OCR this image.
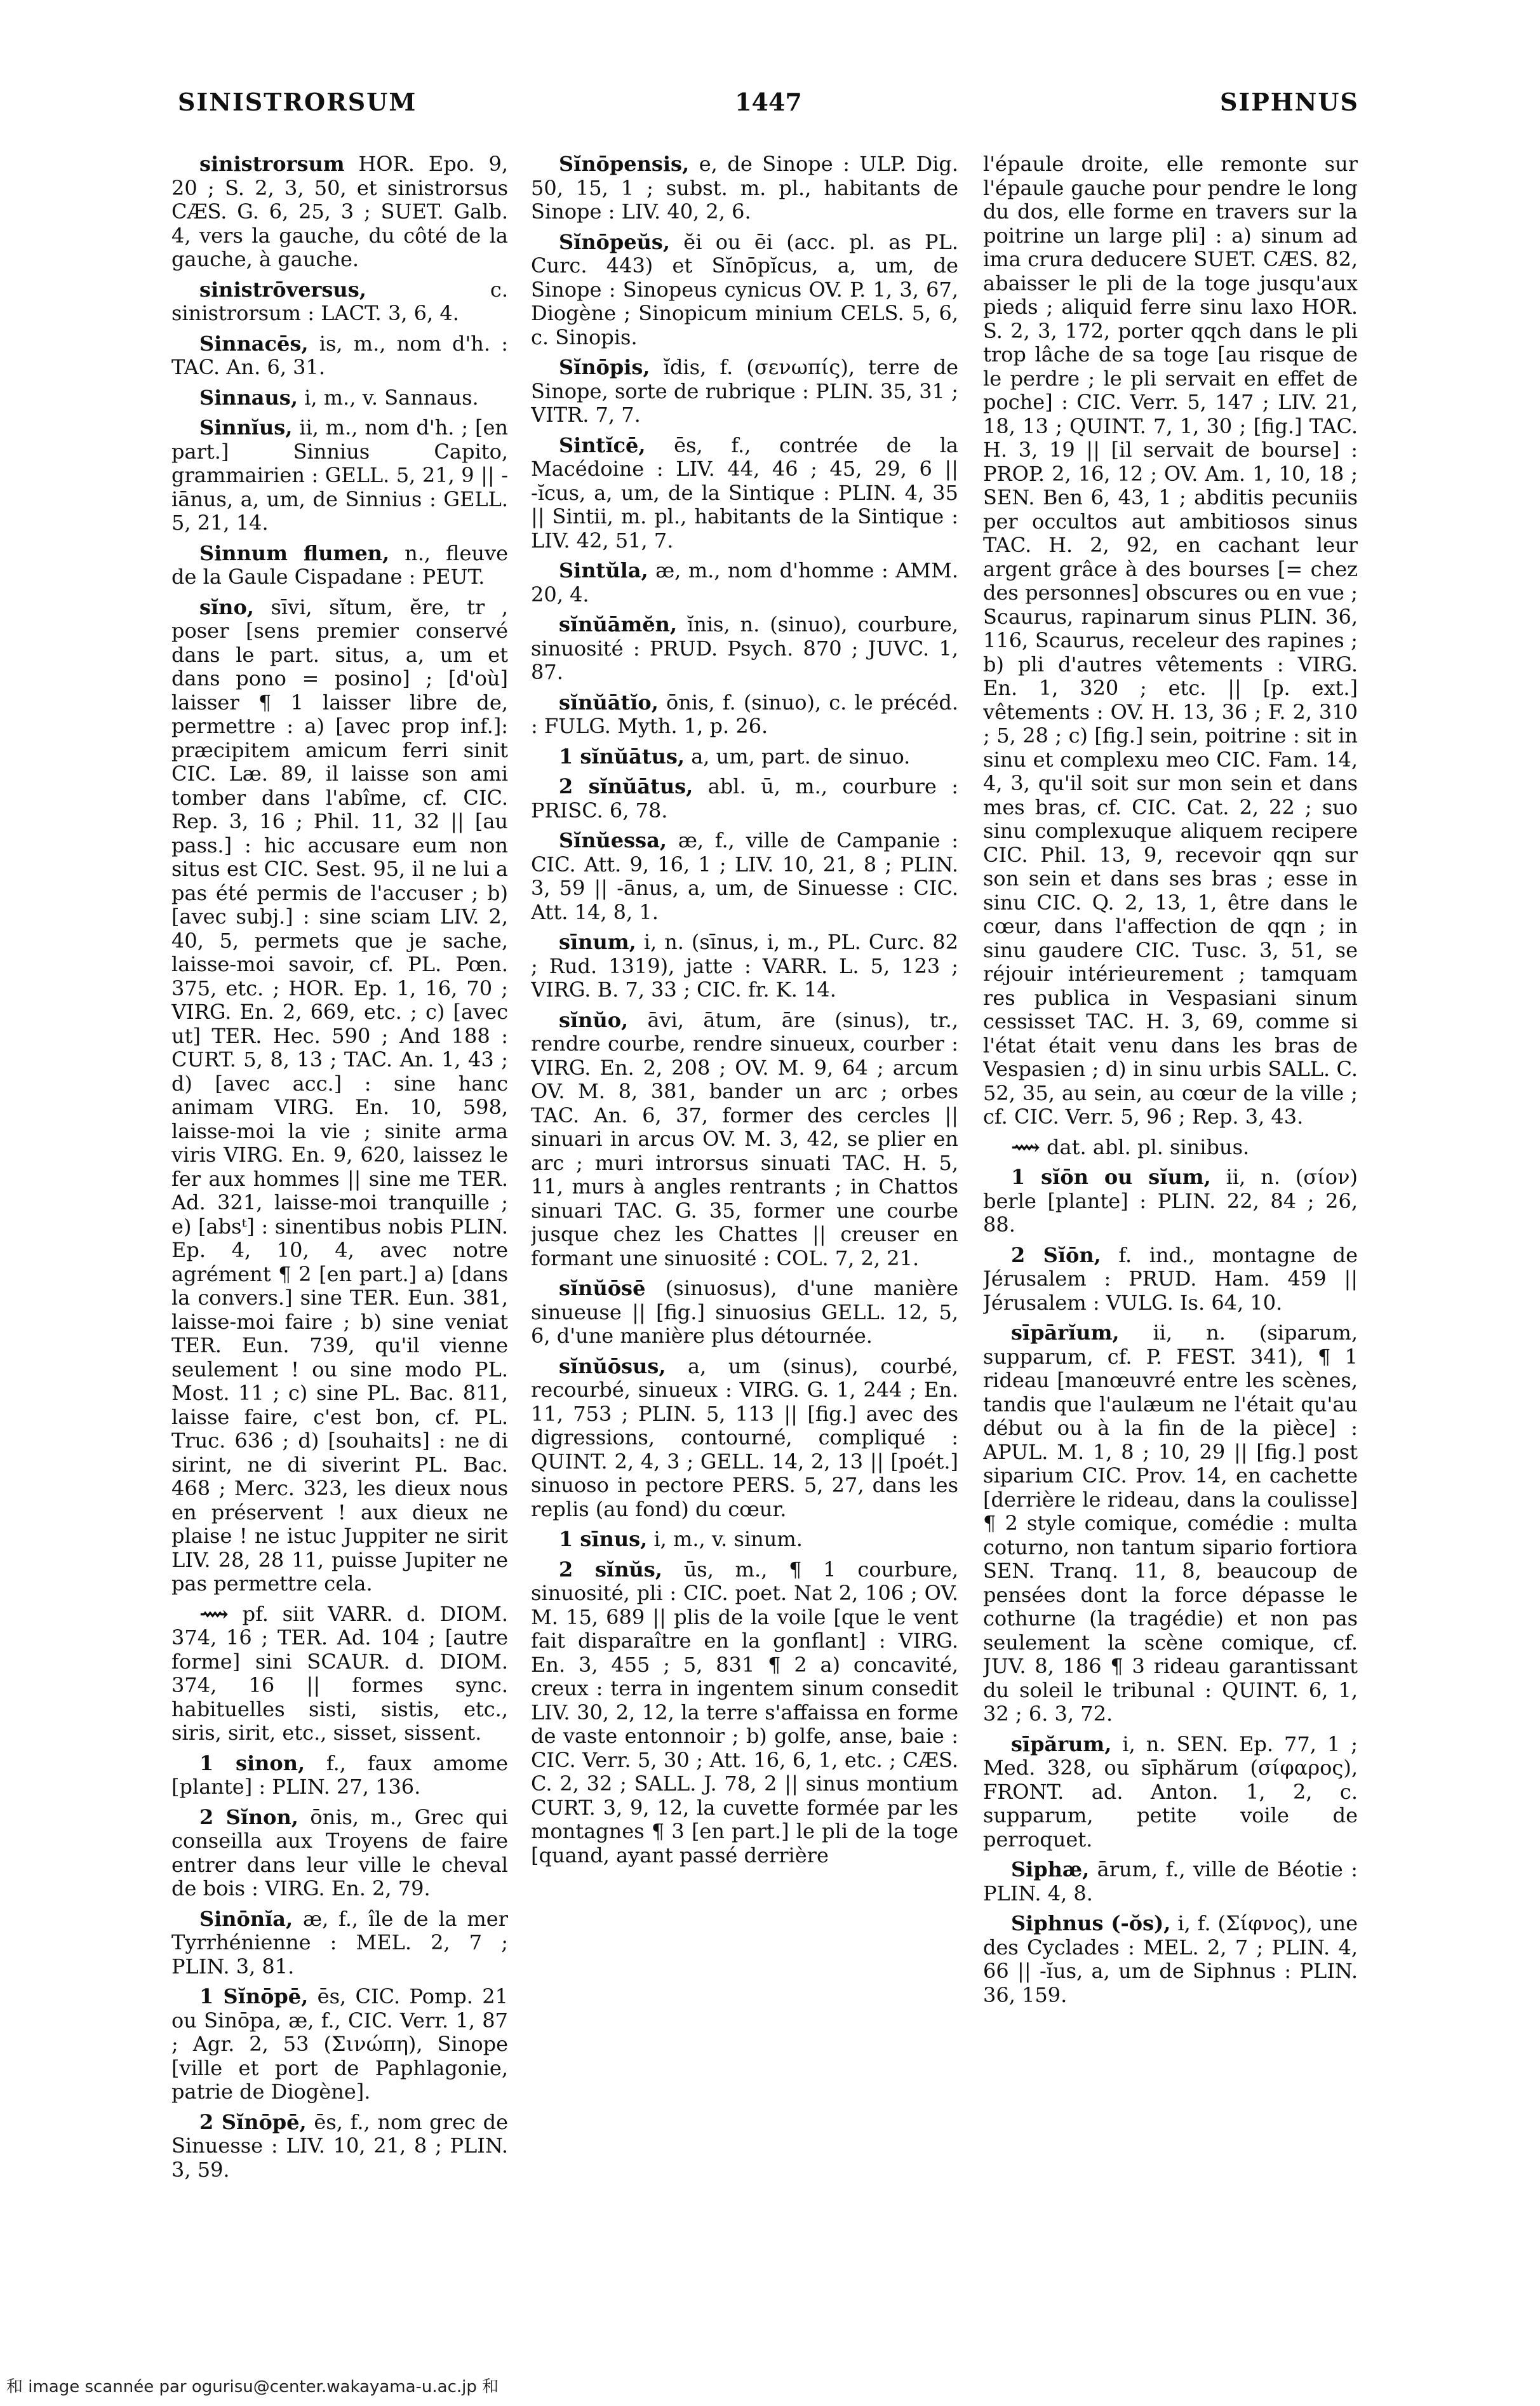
SINISTRORSUM	1447	SIPHNUS

sinistrorsum HOR. Epo. 9, 20 ; S. 2, 3, 50, et sinistrorsus CÆS. G. 6, 25, 3 ; SUET. Galb. 4, vers la gauche, du côté de la gauche, à gauche.

sinistrōversus,	c. sinistrorsum : LACT. 3, 6, 4.

Sinnacēs, is, m., nom d'h. : TAC. An. 6, 31.

Sinnaus, i, m., v. Sannaus.

Sinnĭus, ii, m., nom d'h. ; [en part.] Sinnius Capito, grammairien : GELL. 5, 21, 9 || -iānus, a, um, de Sinnius : GELL. 5, 21, 14.

Sinnum flumen, n., fleuve de la Gaule Cispadane : PEUT.

sĭno, sīvi, sĭtum, ĕre, tr , poser [sens premier conservé dans le part. situs, a, um et dans pono = posino] ; [d'où] laisser ¶ 1 laisser libre de, permettre : a) [avec prop inf.]: præcipitem amicum ferri sinit CIC. Læ. 89, il laisse son ami tomber dans l'abîme, cf. CIC. Rep. 3, 16 ; Phil. 11, 32 || [au pass.] : hic accusare eum non situs est CIC. Sest. 95, il ne lui a pas été permis de l'accuser ; b) [avec subj.] : sine sciam LIV. 2, 40, 5, permets que je sache, laisse-moi savoir, cf. PL. Pœn. 375, etc. ; HOR. Ep. 1, 16, 70 ; VIRG. En. 2, 669, etc. ; c) [avec ut] TER. Hec. 590 ; And 188 : CURT. 5, 8, 13 ; TAC. An. 1, 43 ; d) [avec acc.] : sine hanc animam VIRG. En. 10, 598, laisse-moi la vie ; sinite arma viris VIRG. En. 9, 620, laissez le fer aux hommes || sine me TER. Ad. 321, laisse-moi tranquille ; e) [absᵗ] : sinentibus nobis PLIN. Ep. 4, 10, 4, avec notre agrément ¶ 2 [en part.] a) [dans la convers.] sine TER. Eun. 381, laisse-moi faire ; b) sine veniat TER. Eun. 739, qu'il vienne seulement ! ou sine modo PL. Most. 11 ; c) sine PL. Bac. 811, laisse faire, c'est bon, cf. PL. Truc. 636 ; d) [souhaits] : ne di sirint, ne di siverint PL. Bac. 468 ; Merc. 323, les dieux nous en préservent ! aux dieux ne plaise ! ne istuc Juppiter ne sirit LIV. 28, 28 11, puisse Jupiter ne pas permettre cela.

⟿ pf. siit VARR. d. DIOM. 374, 16 ; TER. Ad. 104 ; [autre forme] sini SCAUR. d. DIOM. 374, 16 || formes sync. habituelles sisti, sistis, etc., siris, sirit, etc., sisset, sissent.

1 sinon, f., faux amome [plante] : PLIN. 27, 136.

2 Sĭnon, ōnis, m., Grec qui conseilla aux Troyens de faire entrer dans leur ville le cheval de bois : VIRG. En. 2, 79.

Sinōnĭa, æ, f., île de la mer Tyrrhénienne : MEL. 2, 7 ; PLIN. 3, 81.

1 Sĭnōpē, ēs, CIC. Pomp. 21 ou Sinōpa, æ, f., CIC. Verr. 1, 87 ; Agr. 2, 53 (Σινώπη), Sinope [ville et port de Paphlagonie, patrie de Diogène].

2 Sĭnōpē, ēs, f., nom grec de Sinuesse : LIV. 10, 21, 8 ; PLIN. 3, 59.

Sĭnōpensis, e, de Sinope : ULP. Dig. 50, 15, 1 ; subst. m. pl., habitants de Sinope : LIV. 40, 2, 6.

Sĭnōpeŭs, ĕi ou ēi (acc. pl. as PL. Curc. 443) et Sĭnōpĭcus, a, um, de Sinope : Sinopeus cynicus OV. P. 1, 3, 67, Diogène ; Sinopicum minium CELS. 5, 6, c. Sinopis.

Sĭnōpis, ĭdis, f. (σενωπίς), terre de Sinope, sorte de rubrique : PLIN. 35, 31 ; VITR. 7, 7.

Sintĭcē, ēs, f., contrée de la Macédoine : LIV. 44, 46 ; 45, 29, 6 || -ĭcus, a, um, de la Sintique : PLIN. 4, 35 || Sintii, m. pl., habitants de la Sintique : LIV. 42, 51, 7.

Sintŭla, æ, m., nom d'homme : AMM. 20, 4.

sĭnŭāmĕn, ĭnis, n. (sinuo), courbure, sinuosité : PRUD. Psych. 870 ; JUVC. 1, 87.

sĭnŭātĭo, ōnis, f. (sinuo), c. le précéd. : FULG. Myth. 1, p. 26.

1 sĭnŭātus, a, um, part. de sinuo.

2 sĭnŭātus, abl. ū, m., courbure : PRISC. 6, 78.

Sĭnŭessa, æ, f., ville de Campanie : CIC. Att. 9, 16, 1 ; LIV. 10, 21, 8 ; PLIN. 3, 59 || -ānus, a, um, de Sinuesse : CIC. Att. 14, 8, 1.

sīnum, i, n. (sīnus, i, m., PL. Curc. 82 ; Rud. 1319), jatte : VARR. L. 5, 123 ; VIRG. B. 7, 33 ; CIC. fr. K. 14.

sĭnŭo, āvi, ātum, āre (sinus), tr., rendre courbe, rendre sinueux, courber : VIRG. En. 2, 208 ; OV. M. 9, 64 ; arcum OV. M. 8, 381, bander un arc ; orbes TAC. An. 6, 37, former des cercles || sinuari in arcus OV. M. 3, 42, se plier en arc ; muri introrsus sinuati TAC. H. 5, 11, murs à angles rentrants ; in Chattos sinuari TAC. G. 35, former une courbe jusque chez les Chattes || creuser en formant une sinuosité : COL. 7, 2, 21.

sĭnŭōsē (sinuosus), d'une manière sinueuse || [fig.] sinuosius GELL. 12, 5, 6, d'une manière plus détournée.

sĭnŭōsus, a, um (sinus), courbé, recourbé, sinueux : VIRG. G. 1, 244 ; En. 11, 753 ; PLIN. 5, 113 || [fig.] avec des digressions, contourné, compliqué : QUINT. 2, 4, 3 ; GELL. 14, 2, 13 || [poét.] sinuoso in pectore PERS. 5, 27, dans les replis (au fond) du cœur.

1 sīnus, i, m., v. sinum.

2 sĭnŭs, ūs, m., ¶ 1 courbure, sinuosité, pli : CIC. poet. Nat 2, 106 ; OV. M. 15, 689 || plis de la voile [que le vent fait disparaître en la gonflant] : VIRG. En. 3, 455 ; 5, 831 ¶ 2 a) concavité, creux : terra in ingentem sinum consedit LIV. 30, 2, 12, la terre s'affaissa en forme de vaste entonnoir ; b) golfe, anse, baie : CIC. Verr. 5, 30 ; Att. 16, 6, 1, etc. ; CÆS. C. 2, 32 ; SALL. J. 78, 2 || sinus montium CURT. 3, 9, 12, la cuvette formée par les montagnes ¶ 3 [en part.] le pli de la toge [quand, ayant passé derrière

l'épaule droite, elle remonte sur l'épaule gauche pour pendre le long du dos, elle forme en travers sur la poitrine un large pli] : a) sinum ad ima crura deducere SUET. CÆS. 82, abaisser le pli de la toge jusqu'aux pieds ; aliquid ferre sinu laxo HOR. S. 2, 3, 172, porter qqch dans le pli trop lâche de sa toge [au risque de le perdre ; le pli servait en effet de poche] : CIC. Verr. 5, 147 ; LIV. 21, 18, 13 ; QUINT. 7, 1, 30 ; [fig.] TAC. H. 3, 19 || [il servait de bourse] : PROP. 2, 16, 12 ; OV. Am. 1, 10, 18 ; SEN. Ben 6, 43, 1 ; abditis pecuniis per occultos aut ambitiosos sinus TAC. H. 2, 92, en cachant leur argent grâce à des bourses [= chez des personnes] obscures ou en vue ; Scaurus, rapinarum sinus PLIN. 36, 116, Scaurus, receleur des rapines ; b) pli d'autres vêtements : VIRG. En. 1, 320 ; etc. || [p. ext.] vêtements : OV. H. 13, 36 ; F. 2, 310 ; 5, 28 ; c) [fig.] sein, poitrine : sit in sinu et complexu meo CIC. Fam. 14, 4, 3, qu'il soit sur mon sein et dans mes bras, cf. CIC. Cat. 2, 22 ; suo sinu complexuque aliquem recipere CIC. Phil. 13, 9, recevoir qqn sur son sein et dans ses bras ; esse in sinu CIC. Q. 2, 13, 1, être dans le cœur, dans l'affection de qqn ; in sinu gaudere CIC. Tusc. 3, 51, se réjouir intérieurement ; tamquam res publica in Vespasiani sinum cessisset TAC. H. 3, 69, comme si l'état était venu dans les bras de Vespasien ; d) in sinu urbis SALL. C. 52, 35, au sein, au cœur de la ville ; cf. CIC. Verr. 5, 96 ; Rep. 3, 43.

⟿ dat. abl. pl. sinibus.

1 sĭōn ou sĭum, ii, n. (σίον) berle [plante] : PLIN. 22, 84 ; 26, 88.

2 Sĭōn, f. ind., montagne de Jérusalem : PRUD. Ham. 459 || Jérusalem : VULG. Is. 64, 10.

sīpārĭum, ii, n. (siparum, supparum, cf. P. FEST. 341), ¶ 1 rideau [manœuvré entre les scènes, tandis que l'aulæum ne l'était qu'au début ou à la fin de la pièce] : APUL. M. 1, 8 ; 10, 29 || [fig.] post siparium CIC. Prov. 14, en cachette [derrière le rideau, dans la coulisse] ¶ 2 style comique, comédie : multa coturno, non tantum sipario fortiora SEN. Tranq. 11, 8, beaucoup de pensées dont la force dépasse le cothurne (la tragédie) et non pas seulement la scène comique, cf. JUV. 8, 186 ¶ 3 rideau garantissant du soleil le tribunal : QUINT. 6, 1, 32 ; 6. 3, 72.

sīpărum, i, n. SEN. Ep. 77, 1 ; Med. 328, ou sīphărum (σίφαρος), FRONT. ad. Anton. 1, 2, c. supparum, petite voile de perroquet.

Siphæ, ārum, f., ville de Béotie : PLIN. 4, 8.

Siphnus (-ŏs), i, f. (Σίφνος), une des Cyclades : MEL. 2, 7 ; PLIN. 4, 66 || -ĭus, a, um de Siphnus : PLIN. 36, 159.

和 image scannée par ogurisu@center.wakayama-u.ac.jp 和
